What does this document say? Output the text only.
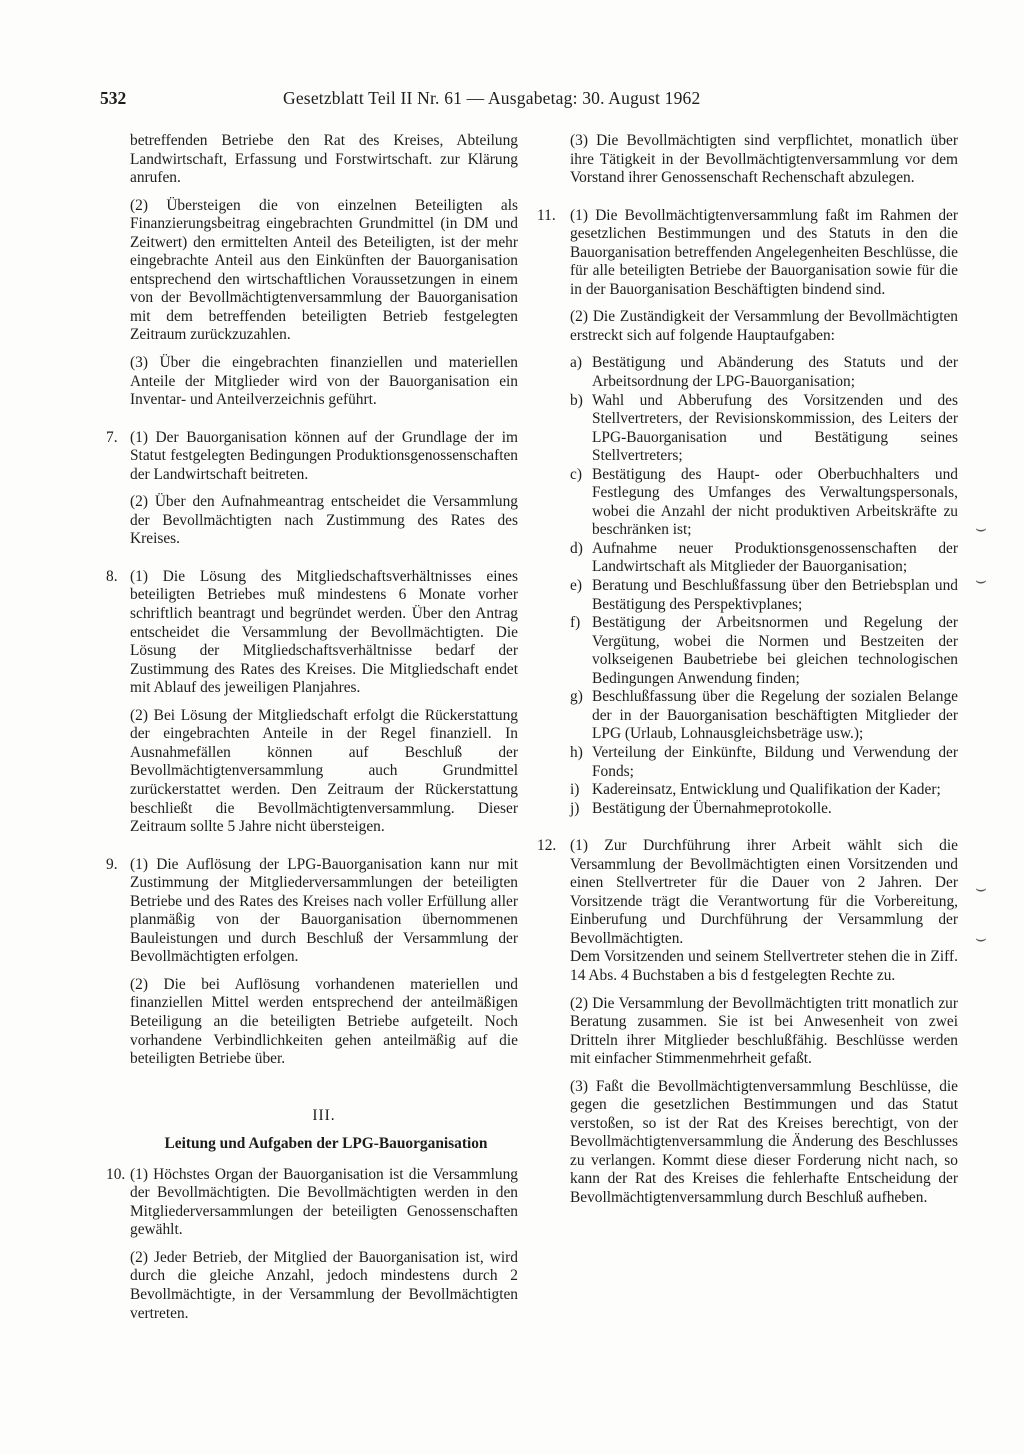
532	Gesetzblatt Teil II Nr. 61 — Ausgabetag: 30. August 1962

betreffenden Betriebe den Rat des Kreises, Abteilung Landwirtschaft, Erfassung und Forstwirtschaft. zur Klärung anrufen.

(2) Übersteigen die von einzelnen Beteiligten als Finanzierungsbeitrag eingebrachten Grundmittel (in DM und Zeitwert) den ermittelten Anteil des Beteiligten, ist der mehr eingebrachte Anteil aus den Einkünften der Bauorganisation entsprechend den wirtschaftlichen Voraussetzungen in einem von der Bevollmächtigtenversammlung der Bauorganisation mit dem betreffenden beteiligten Betrieb festgelegten Zeitraum zurückzuzahlen.

(3) Über die eingebrachten finanziellen und materiellen Anteile der Mitglieder wird von der Bauorganisation ein Inventar- und Anteilverzeichnis geführt.

7. (1) Der Bauorganisation können auf der Grundlage der im Statut festgelegten Bedingungen Produktionsgenossenschaften der Landwirtschaft beitreten.

(2) Über den Aufnahmeantrag entscheidet die Versammlung der Bevollmächtigten nach Zustimmung des Rates des Kreises.

8. (1) Die Lösung des Mitgliedschaftsverhältnisses eines beteiligten Betriebes muß mindestens 6 Monate vorher schriftlich beantragt und begründet werden. Über den Antrag entscheidet die Versammlung der Bevollmächtigten. Die Lösung der Mitgliedschaftsverhältnisse bedarf der Zustimmung des Rates des Kreises. Die Mitgliedschaft endet mit Ablauf des jeweiligen Planjahres.

(2) Bei Lösung der Mitgliedschaft erfolgt die Rückerstattung der eingebrachten Anteile in der Regel finanziell. In Ausnahmefällen können auf Beschluß der Bevollmächtigtenversammlung auch Grundmittel zurückerstattet werden. Den Zeitraum der Rückerstattung beschließt die Bevollmächtigtenversammlung. Dieser Zeitraum sollte 5 Jahre nicht übersteigen.

9. (1) Die Auflösung der LPG-Bauorganisation kann nur mit Zustimmung der Mitgliederversammlungen der beteiligten Betriebe und des Rates des Kreises nach voller Erfüllung aller planmäßig von der Bauorganisation übernommenen Bauleistungen und durch Beschluß der Versammlung der Bevollmächtigten erfolgen.

(2) Die bei Auflösung vorhandenen materiellen und finanziellen Mittel werden entsprechend der anteilmäßigen Beteiligung an die beteiligten Betriebe aufgeteilt. Noch vorhandene Verbindlichkeiten gehen anteilmäßig auf die beteiligten Betriebe über.

III.
Leitung und Aufgaben der LPG-Bauorganisation
10. (1) Höchstes Organ der Bauorganisation ist die Versammlung der Bevollmächtigten. Die Bevollmächtigten werden in den Mitgliederversammlungen der beteiligten Genossenschaften gewählt.

(2) Jeder Betrieb, der Mitglied der Bauorganisation ist, wird durch die gleiche Anzahl, jedoch mindestens durch 2 Bevollmächtigte, in der Versammlung der Bevollmächtigten vertreten.

(3) Die Bevollmächtigten sind verpflichtet, monatlich über ihre Tätigkeit in der Bevollmächtigtenversammlung vor dem Vorstand ihrer Genossenschaft Rechenschaft abzulegen.

11. (1) Die Bevollmächtigtenversammlung faßt im Rahmen der gesetzlichen Bestimmungen und des Statuts in den die Bauorganisation betreffenden Angelegenheiten Beschlüsse, die für alle beteiligten Betriebe der Bauorganisation sowie für die in der Bauorganisation Beschäftigten bindend sind.

(2) Die Zuständigkeit der Versammlung der Bevollmächtigten erstreckt sich auf folgende Hauptaufgaben:

a) Bestätigung und Abänderung des Statuts und der Arbeitsordnung der LPG-Bauorganisation;
b) Wahl und Abberufung des Vorsitzenden und des Stellvertreters, der Revisionskommission, des Leiters der LPG-Bauorganisation und Bestätigung seines Stellvertreters;
c) Bestätigung des Haupt- oder Oberbuchhalters und Festlegung des Umfanges des Verwaltungspersonals, wobei die Anzahl der nicht produktiven Arbeitskräfte zu beschränken ist;
d) Aufnahme neuer Produktionsgenossenschaften der Landwirtschaft als Mitglieder der Bauorganisation;
e) Beratung und Beschlußfassung über den Betriebsplan und Bestätigung des Perspektivplanes;
f) Bestätigung der Arbeitsnormen und Regelung der Vergütung, wobei die Normen und Bestzeiten der volkseigenen Baubetriebe bei gleichen technologischen Bedingungen Anwendung finden;
g) Beschlußfassung über die Regelung der sozialen Belange der in der Bauorganisation beschäftigten Mitglieder der LPG (Urlaub, Lohnausgleichsbeträge usw.);
h) Verteilung der Einkünfte, Bildung und Verwendung der Fonds;
i) Kadereinsatz, Entwicklung und Qualifikation der Kader;
j) Bestätigung der Übernahmeprotokolle.
12. (1) Zur Durchführung ihrer Arbeit wählt sich die Versammlung der Bevollmächtigten einen Vorsitzenden und einen Stellvertreter für die Dauer von 2 Jahren. Der Vorsitzende trägt die Verantwortung für die Vorbereitung, Einberufung und Durchführung der Versammlung der Bevollmächtigten.

Dem Vorsitzenden und seinem Stellvertreter stehen die in Ziff. 14 Abs. 4 Buchstaben a bis d festgelegten Rechte zu.

(2) Die Versammlung der Bevollmächtigten tritt monatlich zur Beratung zusammen. Sie ist bei Anwesenheit von zwei Dritteln ihrer Mitglieder beschlußfähig. Beschlüsse werden mit einfacher Stimmenmehrheit gefaßt.

(3) Faßt die Bevollmächtigtenversammlung Beschlüsse, die gegen die gesetzlichen Bestimmungen und das Statut verstoßen, so ist der Rat des Kreises berechtigt, von der Bevollmächtigtenversammlung die Änderung des Beschlusses zu verlangen. Kommt diese dieser Forderung nicht nach, so kann der Rat des Kreises die fehlerhafte Entscheidung der Bevollmächtigtenversammlung durch Beschluß aufheben.

⌣
⌣
⌣
⌣
